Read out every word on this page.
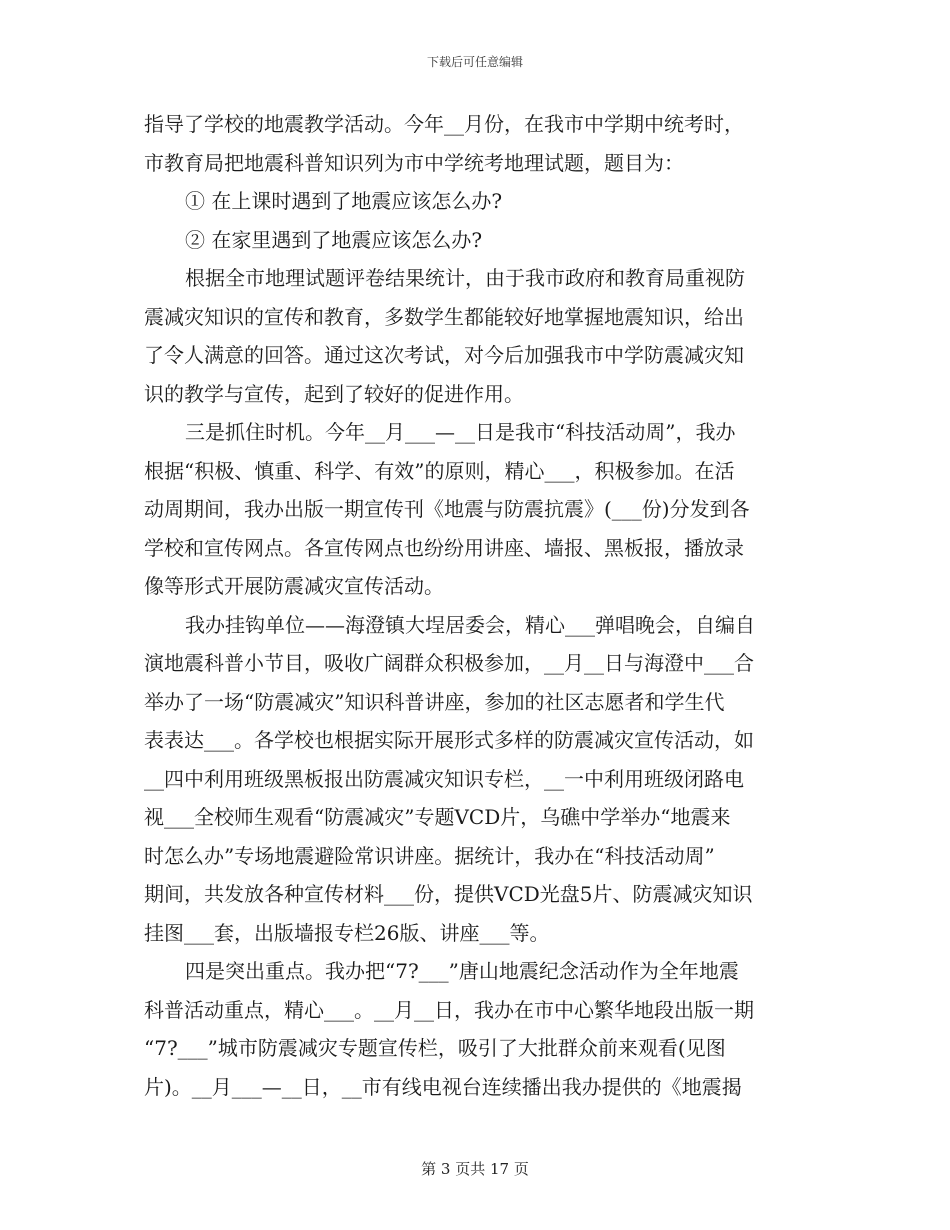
下载后可任意编辑

指导了学校的地震教学活动。今年__月份，在我市中学期中统考时，

市教育局把地震科普知识列为市中学统考地理试题，题目为：

① 在上课时遇到了地震应该怎么办?

② 在家里遇到了地震应该怎么办?

根据全市地理试题评卷结果统计，由于我市政府和教育局重视防

震减灾知识的宣传和教育，多数学生都能较好地掌握地震知识，给出

了令人满意的回答。通过这次考试，对今后加强我市中学防震减灾知

识的教学与宣传，起到了较好的促进作用。

三是抓住时机。今年__月___—__日是我市“科技活动周”，我办

根据“积极、慎重、科学、有效”的原则，精心___，积极参加。在活

动周期间，我办出版一期宣传刊《地震与防震抗震》(___份)分发到各

学校和宣传网点。各宣传网点也纷纷用讲座、墙报、黑板报，播放录

像等形式开展防震减灾宣传活动。

我办挂钩单位——海澄镇大埕居委会，精心___弹唱晚会，自编自

演地震科普小节目，吸收广阔群众积极参加，__月__日与海澄中___合

举办了一场“防震减灾”知识科普讲座，参加的社区志愿者和学生代

表表达___。各学校也根据实际开展形式多样的防震减灾宣传活动，如

__四中利用班级黑板报出防震减灾知识专栏，__一中利用班级闭路电

视___全校师生观看“防震减灾”专题VCD片，乌礁中学举办“地震来

时怎么办”专场地震避险常识讲座。据统计，我办在“科技活动周”

期间，共发放各种宣传材料___份，提供VCD光盘5片、防震减灾知识

挂图___套，出版墙报专栏26版、讲座___等。

四是突出重点。我办把“7?___”唐山地震纪念活动作为全年地震

科普活动重点，精心___。__月__日，我办在市中心繁华地段出版一期

“7?___”城市防震减灾专题宣传栏，吸引了大批群众前来观看(见图

片)。__月___—__日，__市有线电视台连续播出我办提供的《地震揭

第 3 页共 17 页
